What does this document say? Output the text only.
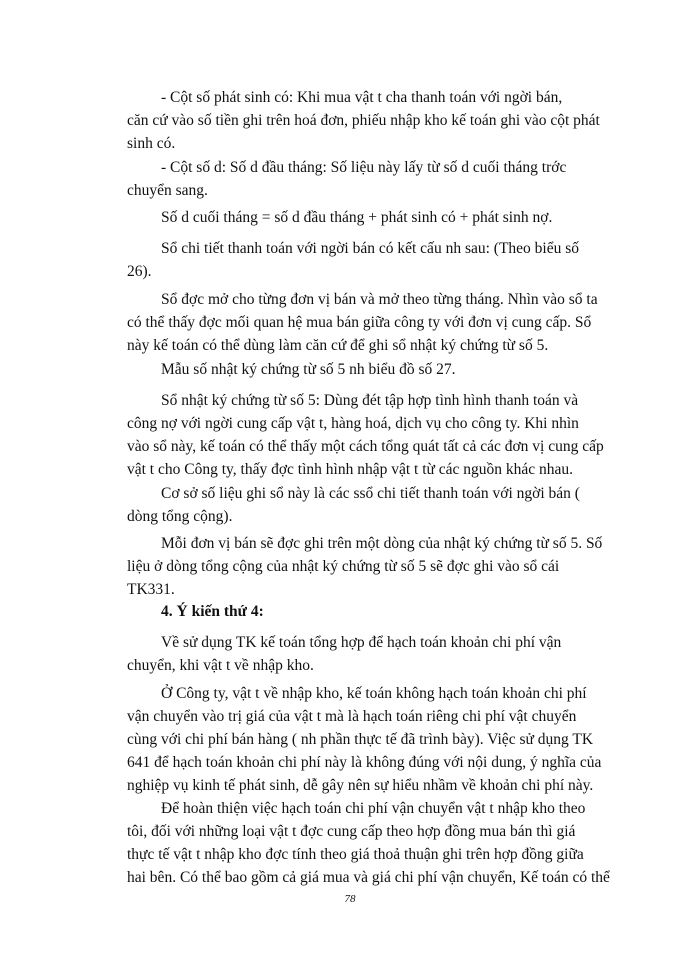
- Cột số phát sinh có: Khi mua vật t cha thanh toán với ngời bán,
căn cứ vào số tiền ghi trên hoá đơn, phiếu nhập kho kế toán ghi vào cột phát
sinh có.
- Cột số d: Số d đầu tháng: Số liệu này lấy từ số d cuối tháng trớc
chuyển sang.
Số d cuối tháng = số d đầu tháng + phát sinh có + phát sinh nợ.
Sổ chi tiết thanh toán với ngời bán có kết cấu nh sau: (Theo biểu số
26).
Sổ đợc mở cho từng đơn vị bán và mở theo từng tháng. Nhìn vào sổ ta
có thể thấy đợc mối quan hệ mua bán giữa công ty với đơn vị cung cấp. Sổ
này kế toán có thể dùng làm căn cứ để ghi sổ nhật ký chứng từ số 5.
Mẫu số nhật ký chứng từ số 5 nh biểu đồ số 27.
Sổ nhật ký chứng từ số 5: Dùng đét tập hợp tình hình thanh toán và
công nợ với ngời cung cấp vật t, hàng hoá, dịch vụ cho công ty. Khi nhìn
vào sổ này, kế toán có thể thấy một cách tổng quát tất cả các đơn vị cung cấp
vật t cho Công ty, thấy đợc tình hình nhập vật t từ các nguồn khác nhau.
Cơ sở số liệu ghi sổ này là các ssổ chi tiết thanh toán với ngời bán (
dòng tổng cộng).
Mỗi đơn vị bán sẽ đợc ghi trên một dòng của nhật ký chứng từ số 5. Số
liệu ở dòng tổng cộng của nhật ký chứng từ số 5 sẽ đợc ghi vào sổ cái
TK331.
4. Ý kiến thứ 4:
Về sử dụng TK kế toán tổng hợp để hạch toán khoản chi phí vận
chuyển, khi vật t về nhập kho.
Ở Công ty, vật t về nhập kho, kế toán không hạch toán khoản chi phí
vận chuyển vào trị giá của vật t mà là hạch toán riêng chi phí vật chuyển
cùng với chi phí bán hàng ( nh phần thực tế đã trình bày). Việc sử dụng TK
641 để hạch toán khoản chi phí này là không đúng với nội dung, ý nghĩa của
nghiệp vụ kinh tế phát sinh, dễ gây nên sự hiểu nhầm về khoản chi phí này.
Để hoàn thiện việc hạch toán chi phí vận chuyển vật t nhập kho theo
tôi, đối với những loại vật t đợc cung cấp theo hợp đồng mua bán thì giá
thực tế vật t nhập kho đợc tính theo giá thoả thuận ghi trên hợp đồng giữa
hai bên. Có thể bao gồm cả giá mua và giá chi phí vận chuyển, Kế toán có thể
78
